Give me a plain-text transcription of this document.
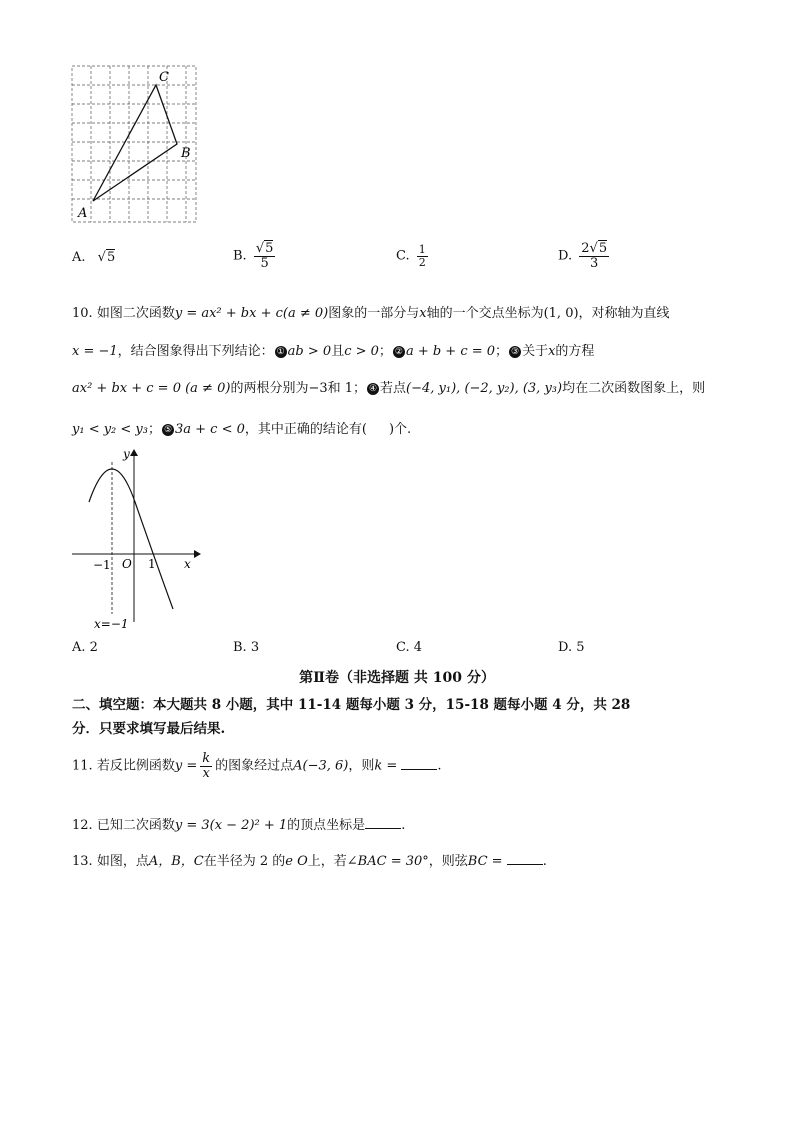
C
B
A
A. √5	B. $\frac{√5}{5}$	C. $\frac{1}{2}$	D. $\frac{2√5}{3}$
10. 如图二次函数y = ax² + bx + c(a ≠ 0)图象的一部分与x轴的一个交点坐标为(1, 0)，对称轴为直线
x = −1，结合图象得出下列结论： ① ab > 0且c > 0； ② a + b + c = 0； ③ 关于x的方程
ax² + bx + c = 0 (a ≠ 0)的两根分别为−3和 1； ④ 若点(−4, y₁), (−2, y₂), (3, y₃)均在二次函数图象上，则
y₁ < y₂ < y₃； ⑤ 3a + c < 0，其中正确的结论有( )个.
y
x
O
−1	1
x=−1
A. 2	B. 3	C. 4	D. 5
第Ⅱ卷（非选择题 共 100 分）
二、填空题：本大题共 8 小题，其中 11-14 题每小题 3 分，15-18 题每小题 4 分，共 28
分．只要求填写最后结果.
11. 若反比例函数$y = \frac{k}{x}$ 的图象经过点A(−3, 6)，则k =	.
12. 已知二次函数y = 3(x − 2)² + 1的顶点坐标是	.
13. 如图，点A，B，C在半径为 2 的e O上，若∠BAC = 30°，则弦BC =	.
